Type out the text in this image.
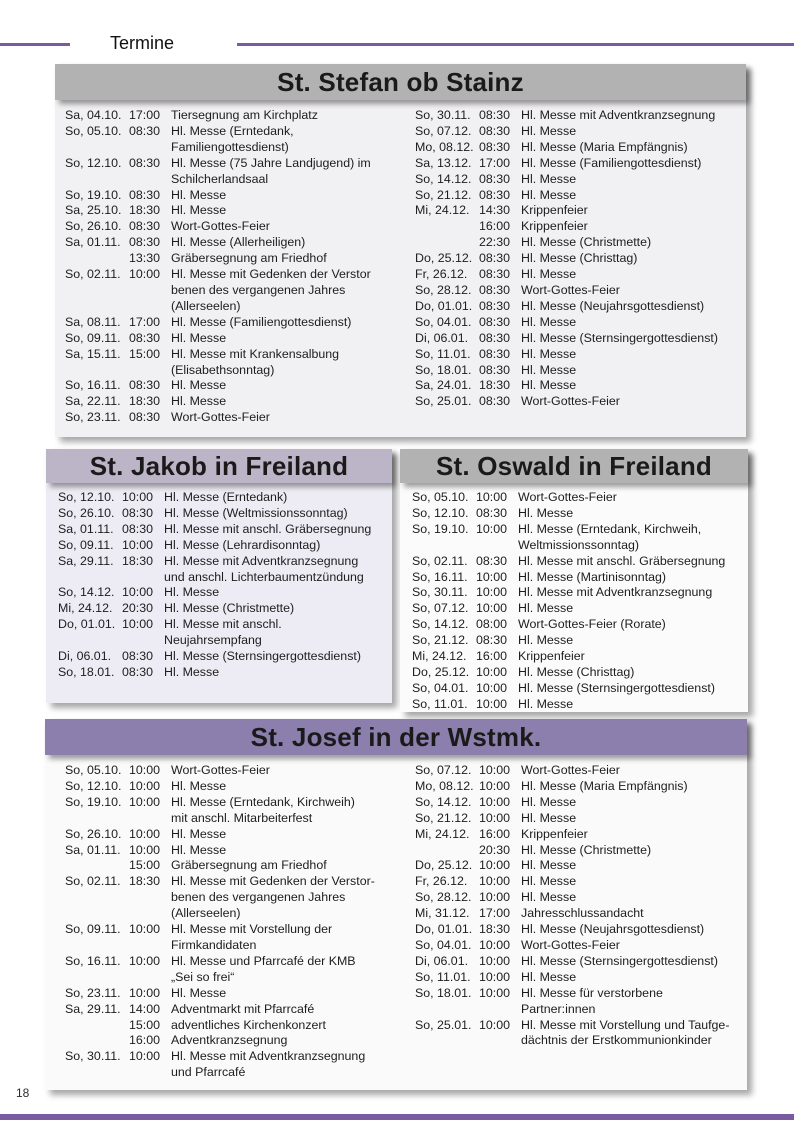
Termine
St. Stefan ob Stainz
Sa, 04.10. 17:00 Tiersegnung am Kirchplatz
So, 05.10. 08:30 Hl. Messe (Erntedank,
Familiengottesdienst)
So, 12.10. 08:30 Hl. Messe (75 Jahre Landjugend) im
Schilcherlandsaal
So, 19.10. 08:30 Hl. Messe
Sa, 25.10. 18:30 Hl. Messe
So, 26.10. 08:30 Wort-Gottes-Feier
Sa, 01.11. 08:30 Hl. Messe (Allerheiligen)
13:30 Gräbersegnung am Friedhof
So, 02.11. 10:00 Hl. Messe mit Gedenken der Verstor
benen des vergangenen Jahres
(Allerseelen)
Sa, 08.11. 17:00 Hl. Messe (Familiengottesdienst)
So, 09.11. 08:30 Hl. Messe
Sa, 15.11. 15:00 Hl. Messe mit Krankensalbung
(Elisabethsonntag)
So, 16.11. 08:30 Hl. Messe
Sa, 22.11. 18:30 Hl. Messe
So, 23.11. 08:30 Wort-Gottes-Feier
So, 30.11. 08:30 Hl. Messe mit Adventkranzsegnung
So, 07.12. 08:30 Hl. Messe
Mo, 08.12. 08:30 Hl. Messe (Maria Empfängnis)
Sa, 13.12. 17:00 Hl. Messe (Familiengottesdienst)
So, 14.12. 08:30 Hl. Messe
So, 21.12. 08:30 Hl. Messe
Mi, 24.12. 14:30 Krippenfeier
16:00 Krippenfeier
22:30 Hl. Messe (Christmette)
Do, 25.12. 08:30 Hl. Messe (Christtag)
Fr, 26.12. 08:30 Hl. Messe
So, 28.12. 08:30 Wort-Gottes-Feier
Do, 01.01. 08:30 Hl. Messe (Neujahrsgottesdienst)
So, 04.01. 08:30 Hl. Messe
Di, 06.01. 08:30 Hl. Messe (Sternsingergottesdienst)
So, 11.01. 08:30 Hl. Messe
So, 18.01. 08:30 Hl. Messe
Sa, 24.01. 18:30 Hl. Messe
So, 25.01. 08:30 Wort-Gottes-Feier
St. Jakob in Freiland
So, 12.10. 10:00 Hl. Messe (Erntedank)
So, 26.10. 08:30 Hl. Messe (Weltmissionssonntag)
Sa, 01.11. 08:30 Hl. Messe mit anschl. Gräbersegnung
So, 09.11. 10:00 Hl. Messe (Lehrardisonntag)
Sa, 29.11. 18:30 Hl. Messe mit Adventkranzsegnung
und anschl. Lichterbaumentzündung
So, 14.12. 10:00 Hl. Messe
Mi, 24.12. 20:30 Hl. Messe (Christmette)
Do, 01.01. 10:00 Hl. Messe mit anschl.
Neujahrsempfang
Di, 06.01. 08:30 Hl. Messe (Sternsingergottesdienst)
So, 18.01. 08:30 Hl. Messe
St. Oswald in Freiland
So, 05.10. 10:00 Wort-Gottes-Feier
So, 12.10. 08:30 Hl. Messe
So, 19.10. 10:00 Hl. Messe (Erntedank, Kirchweih,
Weltmissionssonntag)
So, 02.11. 08:30 Hl. Messe mit anschl. Gräbersegnung
So, 16.11. 10:00 Hl. Messe (Martinisonntag)
So, 30.11. 10:00 Hl. Messe mit Adventkranzsegnung
So, 07.12. 10:00 Hl. Messe
So, 14.12. 08:00 Wort-Gottes-Feier (Rorate)
So, 21.12. 08:30 Hl. Messe
Mi, 24.12. 16:00 Krippenfeier
Do, 25.12. 10:00 Hl. Messe (Christtag)
So, 04.01. 10:00 Hl. Messe (Sternsingergottesdienst)
So, 11.01. 10:00 Hl. Messe
St. Josef in der Wstmk.
So, 05.10. 10:00 Wort-Gottes-Feier
So, 12.10. 10:00 Hl. Messe
So, 19.10. 10:00 Hl. Messe (Erntedank, Kirchweih)
mit anschl. Mitarbeiterfest
So, 26.10. 10:00 Hl. Messe
Sa, 01.11. 10:00 Hl. Messe
15:00 Gräbersegnung am Friedhof
So, 02.11. 18:30 Hl. Messe mit Gedenken der Verstor-
benen des vergangenen Jahres
(Allerseelen)
So, 09.11. 10:00 Hl. Messe mit Vorstellung der
Firmkandidaten
So, 16.11. 10:00 Hl. Messe und Pfarrcafé der KMB
„Sei so frei“
So, 23.11. 10:00 Hl. Messe
Sa, 29.11. 14:00 Adventmarkt mit Pfarrcafé
15:00 adventliches Kirchenkonzert
16:00 Adventkranzsegnung
So, 30.11. 10:00 Hl. Messe mit Adventkranzsegnung
und Pfarrcafé
So, 07.12. 10:00 Wort-Gottes-Feier
Mo, 08.12. 10:00 Hl. Messe (Maria Empfängnis)
So, 14.12. 10:00 Hl. Messe
So, 21.12. 10:00 Hl. Messe
Mi, 24.12. 16:00 Krippenfeier
20:30 Hl. Messe (Christmette)
Do, 25.12. 10:00 Hl. Messe
Fr, 26.12. 10:00 Hl. Messe
So, 28.12. 10:00 Hl. Messe
Mi, 31.12. 17:00 Jahresschlussandacht
Do, 01.01. 18:30 Hl. Messe (Neujahrsgottesdienst)
So, 04.01. 10:00 Wort-Gottes-Feier
Di, 06.01. 10:00 Hl. Messe (Sternsingergottesdienst)
So, 11.01. 10:00 Hl. Messe
So, 18.01. 10:00 Hl. Messe für verstorbene
Partner:innen
So, 25.01. 10:00 Hl. Messe mit Vorstellung und Taufge-
dächtnis der Erstkommunionkinder
18
